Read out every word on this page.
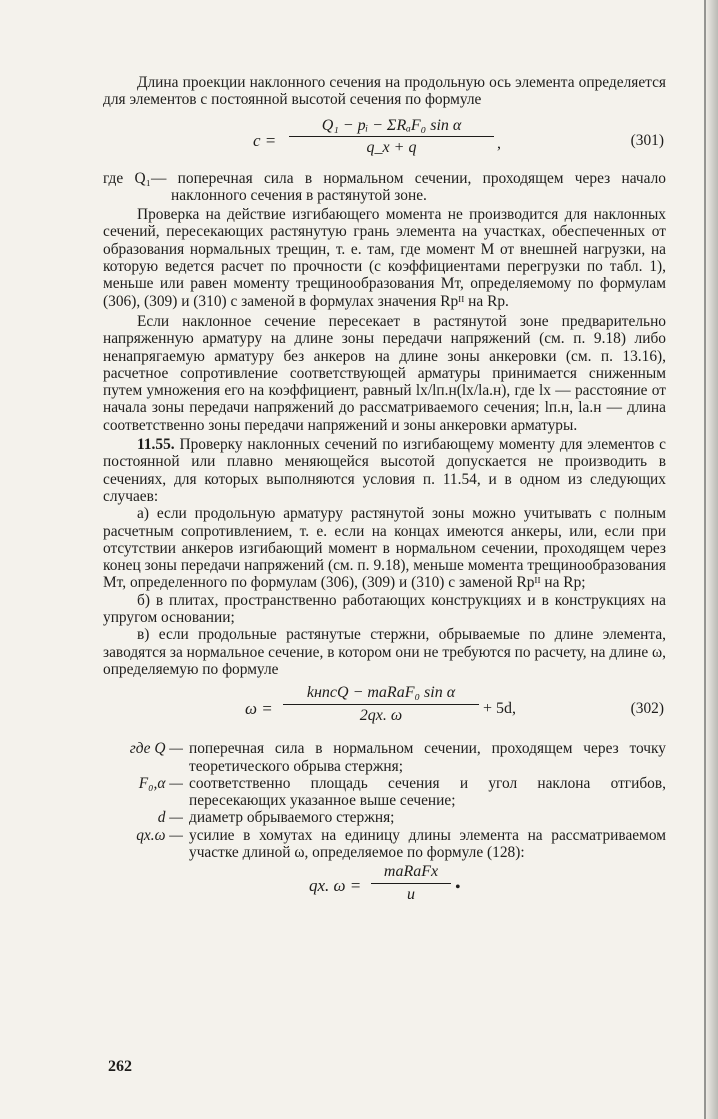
Длина проекции наклонного сечения на продольную ось элемента определяется для элементов с постоянной высотой сечения по формуле

c =
Q₁ − pᵢ − ΣRₐF₀ sin α
q_x + q	,	(301)

где Q₁— поперечная сила в нормальном сечении, проходящем через начало наклонного сечения в растянутой зоне.

Проверка на действие изгибающего момента не производится для наклонных сечений, пересекающих растянутую грань элемента на участках, обеспеченных от образования нормальных трещин, т. е. там, где момент M от внешней нагрузки, на которую ведется расчет по прочности (с коэффициентами перегрузки по табл. 1), меньше или равен моменту трещинообразования Mт, определяемому по формулам (306), (309) и (310) с заменой в формулах значения Rpᴵᴵ на Rp.

Если наклонное сечение пересекает в растянутой зоне предварительно напряженную арматуру на длине зоны передачи напряжений (см. п. 9.18) либо ненапрягаемую арматуру без анкеров на длине зоны анкеровки (см. п. 13.16), расчетное сопротивление соответствующей арматуры принимается сниженным путем умножения его на коэффициент, равный lx/lп.н(lx/lа.н), где lx — расстояние от начала зоны передачи напряжений до рассматриваемого сечения; lп.н, lа.н — длина соответственно зоны передачи напряжений и зоны анкеровки арматуры.

11.55. Проверку наклонных сечений по изгибающему моменту для элементов с постоянной или плавно меняющейся высотой допускается не производить в сечениях, для которых выполняются условия п. 11.54, и в одном из следующих случаев:

а) если продольную арматуру растянутой зоны можно учитывать с полным расчетным сопротивлением, т. е. если на концах имеются анкеры, или, если при отсутствии анкеров изгибающий момент в нормальном сечении, проходящем через конец зоны передачи напряжений (см. п. 9.18), меньше момента трещинообразования Mт, определенного по формулам (306), (309) и (310) с заменой Rpᴵᴵ на Rp;

б) в плитах, пространственно работающих конструкциях и в конструкциях на упругом основании;

в) если продольные растянутые стержни, обрываемые по длине элемента, заводятся за нормальное сечение, в котором они не требуются по расчету, на длине ω, определяемую по формуле

ω =
kнncQ − mаRаF₀ sin α
2qx. ω	+ 5d,	(302)
где Q — поперечная сила в нормальном сечении, проходящем через точку теоретического обрыва стержня;
F₀,α — соответственно площадь сечения и угол наклона отгибов, пересекающих указанное выше сечение;
d — диаметр обрываемого стержня;
qx.ω — усилие в хомутах на единицу длины элемента на рассматриваемом участке длиной ω, определяемое по формуле (128):
qx. ω =
mаRаFx
u	•
262
